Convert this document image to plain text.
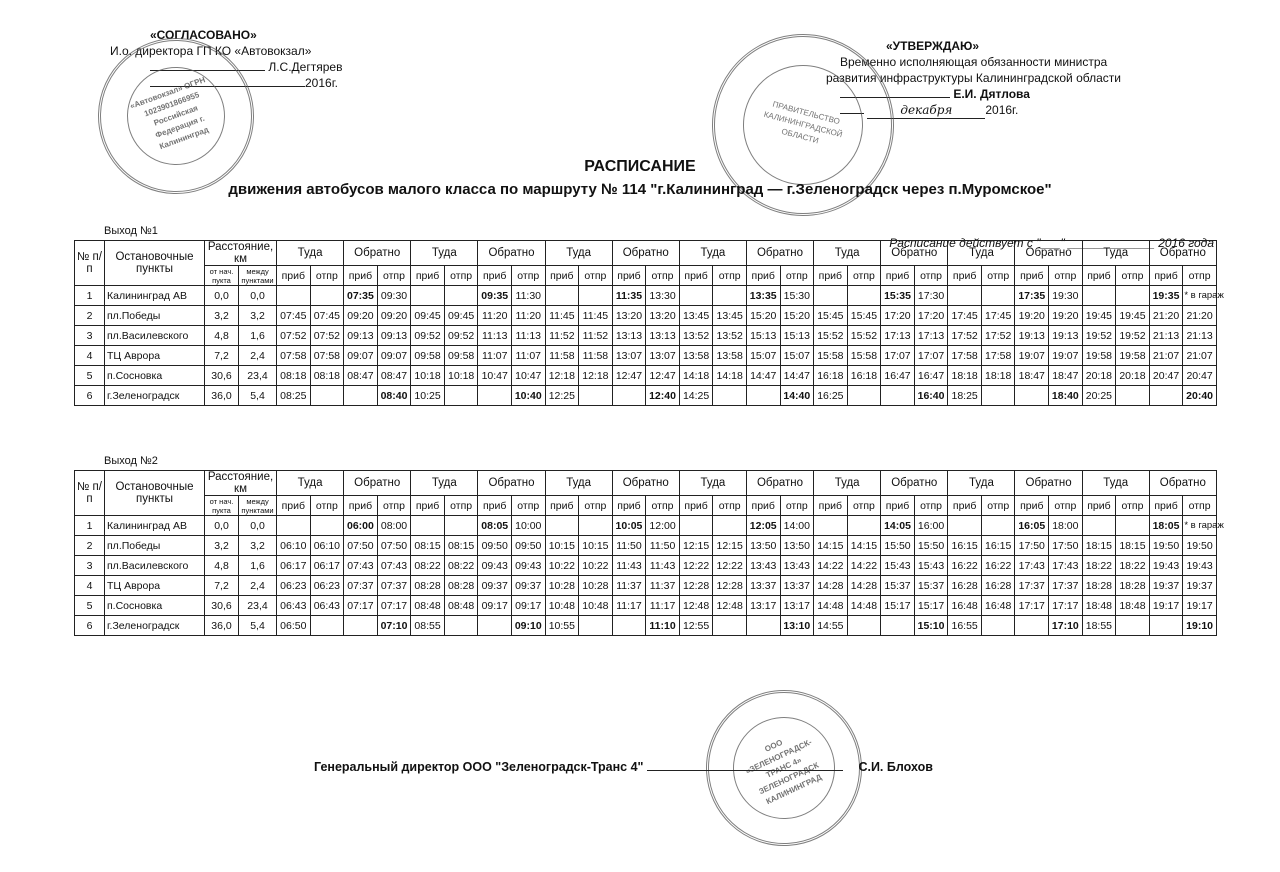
«СОГЛАСОВАНО»
И.о. директора ГП КО «Автовокзал»
Л.С.Дегтярев
2016г.
«Автовокзал» ОГРН 1023901866955 Российская Федерация г. Калининград
«УТВЕРЖДАЮ»
Временно исполняющая обязанности министра
развития инфраструктуры Калининградской области
Е.И. Дятлова
декабря	2016г.
ПРАВИТЕЛЬСТВО КАЛИНИНГРАДСКОЙ ОБЛАСТИ
РАСПИСАНИЕ
движения автобусов малого класса по маршруту № 114 "г.Калининград — г.Зеленоградск через п.Муромское"
Выход №1
Расписание действует с "___" _____________ 2016 года
№ п/п	Остановочные пункты	Расстояние, км		Туда		Обратно		Туда		Обратно		Туда		Обратно		Туда		Обратно		Туда		Обратно		Туда		Обратно		Туда		Обратно	

		от нач. пукта	между пунктами	приб	отпр	приб	отпр	приб	отпр	приб	отпр	приб	отпр	приб	отпр	приб	отпр	приб	отпр	приб	отпр	приб	отпр	приб	отпр	приб	отпр	приб	отпр	приб	отпр
1	Калининград АВ	0,0	0,0			07:35	09:30			09:35	11:30			11:35	13:30			13:35	15:30			15:35	17:30			17:35	19:30			19:35	* в гараж
2	пл.Победы	3,2	3,2	07:45	07:45	09:20	09:20	09:45	09:45	11:20	11:20	11:45	11:45	13:20	13:20	13:45	13:45	15:20	15:20	15:45	15:45	17:20	17:20	17:45	17:45	19:20	19:20	19:45	19:45	21:20	21:20
3	пл.Василевского	4,8	1,6	07:52	07:52	09:13	09:13	09:52	09:52	11:13	11:13	11:52	11:52	13:13	13:13	13:52	13:52	15:13	15:13	15:52	15:52	17:13	17:13	17:52	17:52	19:13	19:13	19:52	19:52	21:13	21:13
4	ТЦ Аврора	7,2	2,4	07:58	07:58	09:07	09:07	09:58	09:58	11:07	11:07	11:58	11:58	13:07	13:07	13:58	13:58	15:07	15:07	15:58	15:58	17:07	17:07	17:58	17:58	19:07	19:07	19:58	19:58	21:07	21:07
5	п.Сосновка	30,6	23,4	08:18	08:18	08:47	08:47	10:18	10:18	10:47	10:47	12:18	12:18	12:47	12:47	14:18	14:18	14:47	14:47	16:18	16:18	16:47	16:47	18:18	18:18	18:47	18:47	20:18	20:18	20:47	20:47
6	г.Зеленоградск	36,0	5,4	08:25			08:40	10:25			10:40	12:25			12:40	14:25			14:40	16:25			16:40	18:25			18:40	20:25			20:40
Выход №2
№ п/п	Остановочные пункты	Расстояние, км		Туда		Обратно		Туда		Обратно		Туда		Обратно		Туда		Обратно		Туда		Обратно		Туда		Обратно		Туда		Обратно	

		от нач. пукта	между пунктами	приб	отпр	приб	отпр	приб	отпр	приб	отпр	приб	отпр	приб	отпр	приб	отпр	приб	отпр	приб	отпр	приб	отпр	приб	отпр	приб	отпр	приб	отпр	приб	отпр
1	Калининград АВ	0,0	0,0			06:00	08:00			08:05	10:00			10:05	12:00			12:05	14:00			14:05	16:00			16:05	18:00			18:05	* в гараж
2	пл.Победы	3,2	3,2	06:10	06:10	07:50	07:50	08:15	08:15	09:50	09:50	10:15	10:15	11:50	11:50	12:15	12:15	13:50	13:50	14:15	14:15	15:50	15:50	16:15	16:15	17:50	17:50	18:15	18:15	19:50	19:50
3	пл.Василевского	4,8	1,6	06:17	06:17	07:43	07:43	08:22	08:22	09:43	09:43	10:22	10:22	11:43	11:43	12:22	12:22	13:43	13:43	14:22	14:22	15:43	15:43	16:22	16:22	17:43	17:43	18:22	18:22	19:43	19:43
4	ТЦ Аврора	7,2	2,4	06:23	06:23	07:37	07:37	08:28	08:28	09:37	09:37	10:28	10:28	11:37	11:37	12:28	12:28	13:37	13:37	14:28	14:28	15:37	15:37	16:28	16:28	17:37	17:37	18:28	18:28	19:37	19:37
5	п.Сосновка	30,6	23,4	06:43	06:43	07:17	07:17	08:48	08:48	09:17	09:17	10:48	10:48	11:17	11:17	12:48	12:48	13:17	13:17	14:48	14:48	15:17	15:17	16:48	16:48	17:17	17:17	18:48	18:48	19:17	19:17
6	г.Зеленоградск	36,0	5,4	06:50			07:10	08:55			09:10	10:55			11:10	12:55			13:10	14:55			15:10	16:55			17:10	18:55			19:10
ООО «ЗЕЛЕНОГРАДСК-ТРАНС 4» ЗЕЛЕНОГРАДСК КАЛИНИНГРАД
Генеральный директор ООО "Зеленоградск-Транс 4"	С.И. Блохов
